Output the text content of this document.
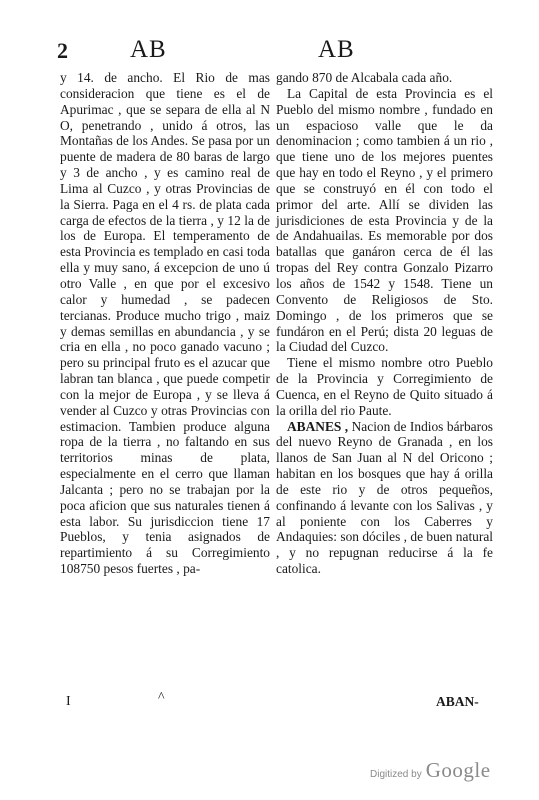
2 AB	AB

y 14. de ancho. El Rio de mas consideracion que tiene es el de Apurimac , que se separa de ella al N O, penetrando , unido á otros, las Montañas de los Andes. Se pasa por un puente de madera de 80 baras de largo y 3 de ancho , y es camino real de Lima al Cuzco , y otras Provincias de la Sierra. Paga en el 4 rs. de plata cada carga de efectos de la tierra , y 12 la de los de Europa. El temperamento de esta Provincia es templado en casi toda ella y muy sano, á excepcion de uno ú otro Valle , en que por el excesivo calor y humedad , se padecen tercianas. Produce mucho trigo , maiz y demas semillas en abundancia , y se cria en ella , no poco ganado vacuno ; pero su principal fruto es el azucar que labran tan blanca , que puede competir con la mejor de Europa , y se lleva á vender al Cuzco y otras Provincias con estimacion. Tambien produce alguna ropa de la tierra , no faltando en sus territorios minas de plata, especialmente en el cerro que llaman Jalcanta ; pero no se trabajan por la poca aficion que sus naturales tienen á esta labor. Su jurisdiccion tiene 17 Pueblos, y tenia asignados de repartimiento á su Corregimiento 108750 pesos fuertes , pa-

gando 870 de Alcabala cada año.

La Capital de esta Provincia es el Pueblo del mismo nombre , fundado en un espacioso valle que le da denominacion ; como tambien á un rio , que tiene uno de los mejores puentes que hay en todo el Reyno , y el primero que se construyó en él con todo el primor del arte. Allí se dividen las jurisdiciones de esta Provincia y de la de Andahuailas. Es memorable por dos batallas que ganáron cerca de él las tropas del Rey contra Gonzalo Pizarro los años de 1542 y 1548. Tiene un Convento de Religiosos de Sto. Domingo , de los primeros que se fundáron en el Perú; dista 20 leguas de la Ciudad del Cuzco.

Tiene el mismo nombre otro Pueblo de la Provincia y Corregimiento de Cuenca, en el Reyno de Quito situado á la orilla del rio Paute.

ABANES , Nacion de Indios bárbaros del nuevo Reyno de Granada , en los llanos de San Juan al N del Oricono ; habitan en los bosques que hay á orilla de este rio y de otros pequeños, confinando á levante con los Salivas , y al poniente con los Caberres y Andaquies: son dóciles , de buen natural , y no repugnan reducirse á la fe catolica.

I	^	ABAN-
Digitized by Google
